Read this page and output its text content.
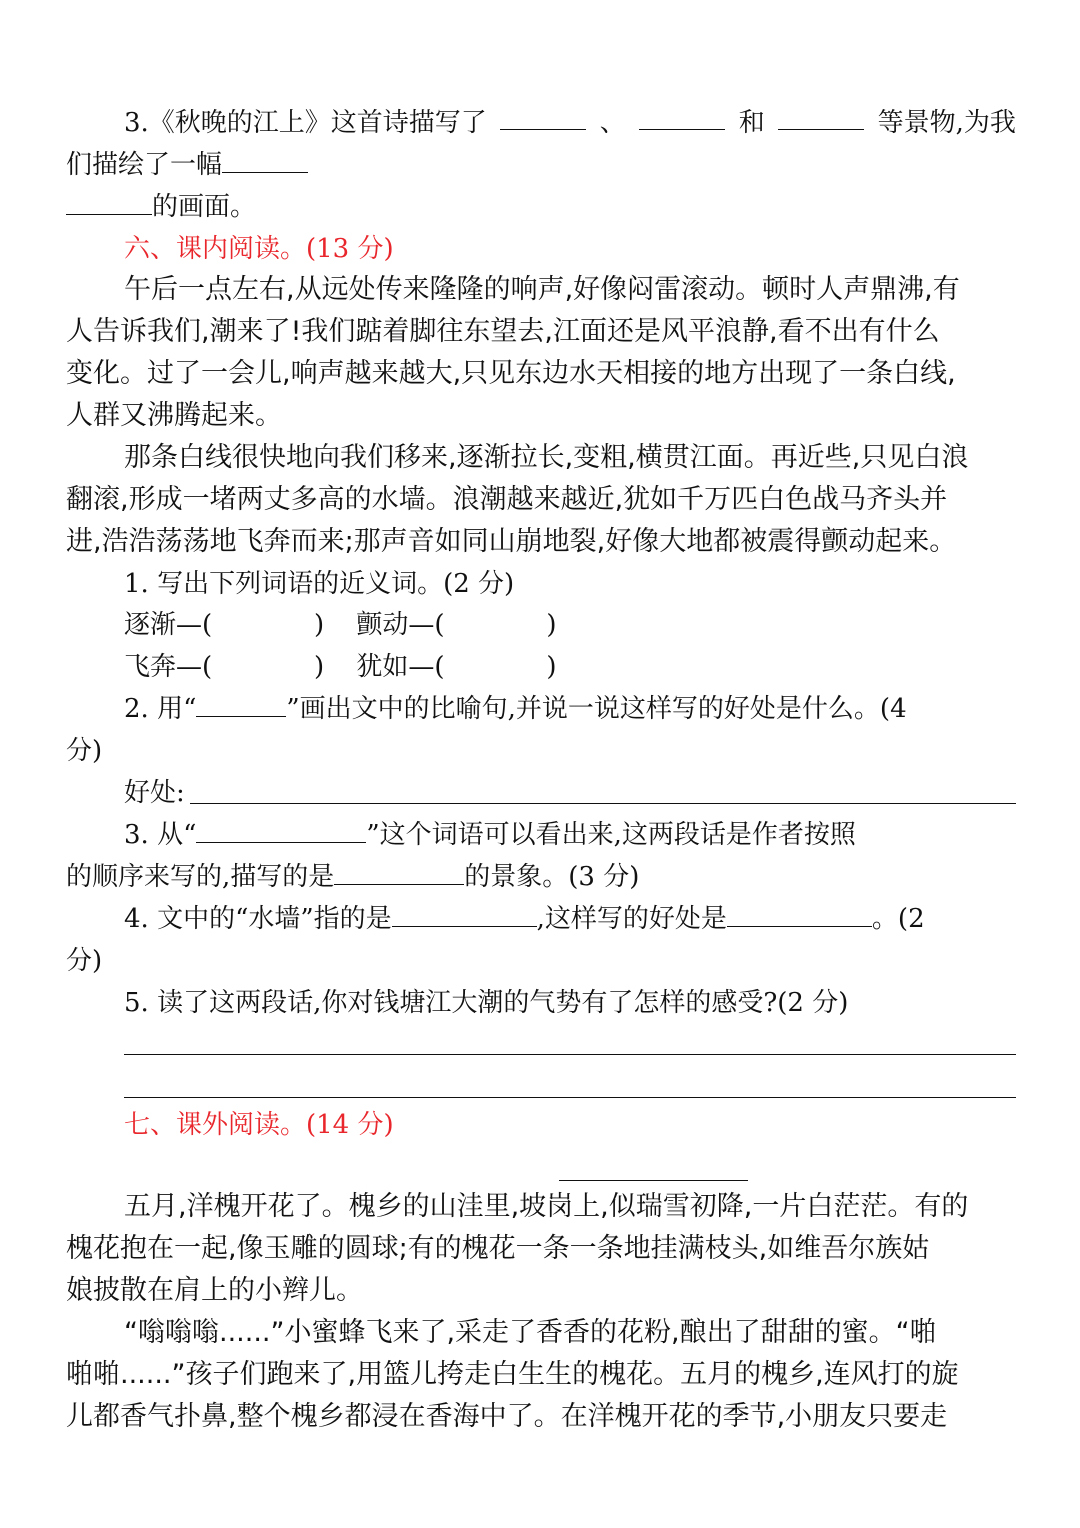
3.《秋晚的江上》这首诗描写了	、	和	等景物,为我
们描绘了一幅
的画面。
六、课内阅读。(13 分)
午后一点左右,从远处传来隆隆的响声,好像闷雷滚动。顿时人声鼎沸,有
人告诉我们,潮来了!我们踮着脚往东望去,江面还是风平浪静,看不出有什么
变化。过了一会儿,响声越来越大,只见东边水天相接的地方出现了一条白线,
人群又沸腾起来。
那条白线很快地向我们移来,逐渐拉长,变粗,横贯江面。再近些,只见白浪
翻滚,形成一堵两丈多高的水墙。浪潮越来越近,犹如千万匹白色战马齐头并
进,浩浩荡荡地飞奔而来;那声音如同山崩地裂,好像大地都被震得颤动起来。
1. 写出下列词语的近义词。(2 分)
逐渐—(	) 颤动—(	)
飞奔—(	) 犹如—(	)
2. 用“	”画出文中的比喻句,并说一说这样写的好处是什么。(4
分)
好处:
3. 从“	”这个词语可以看出来,这两段话是作者按照
的顺序来写的,描写的是	的景象。(3 分)
4. 文中的“水墙”指的是	,这样写的好处是	。(2
分)
5. 读了这两段话,你对钱塘江大潮的气势有了怎样的感受?(2 分)
七、课外阅读。(14 分)
五月,洋槐开花了。槐乡的山洼里,坡岗上,似瑞雪初降,一片白茫茫。有的
槐花抱在一起,像玉雕的圆球;有的槐花一条一条地挂满枝头,如维吾尔族姑
娘披散在肩上的小辫儿。
“嗡嗡嗡......”小蜜蜂飞来了,采走了香香的花粉,酿出了甜甜的蜜。“啪
啪啪......”孩子们跑来了,用篮儿挎走白生生的槐花。五月的槐乡,连风打的旋
儿都香气扑鼻,整个槐乡都浸在香海中了。在洋槐开花的季节,小朋友只要走
